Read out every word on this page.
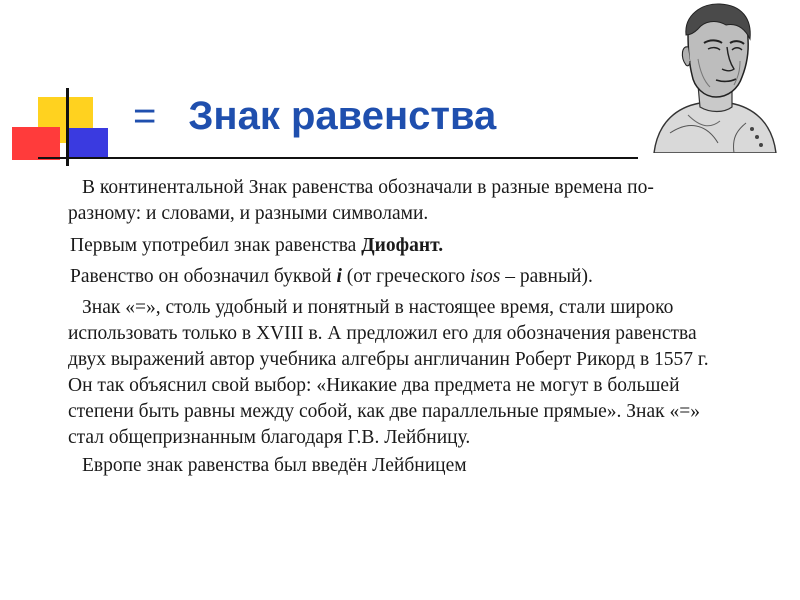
= Знак равенства

В континентальной Знак равенства обозначали в разные времена по- разному: и словами, и разными символами.

Первым употребил знак равенства Диофант.

Равенство он обозначил буквой i (от греческого isos – равный).

Знак «=», столь удобный и понятный в настоящее время, стали широко использовать только в XVIII в. А предложил его для обозначения равенства двух выражений автор учебника алгебры англичанин Роберт Рикорд в 1557 г. Он так объяснил свой выбор: «Никакие два предмета не могут в большей степени быть равны между собой, как две параллельные прямые». Знак «=» стал общепризнанным благодаря Г.В. Лейбницу.

Европе знак равенства был введён Лейбницем
